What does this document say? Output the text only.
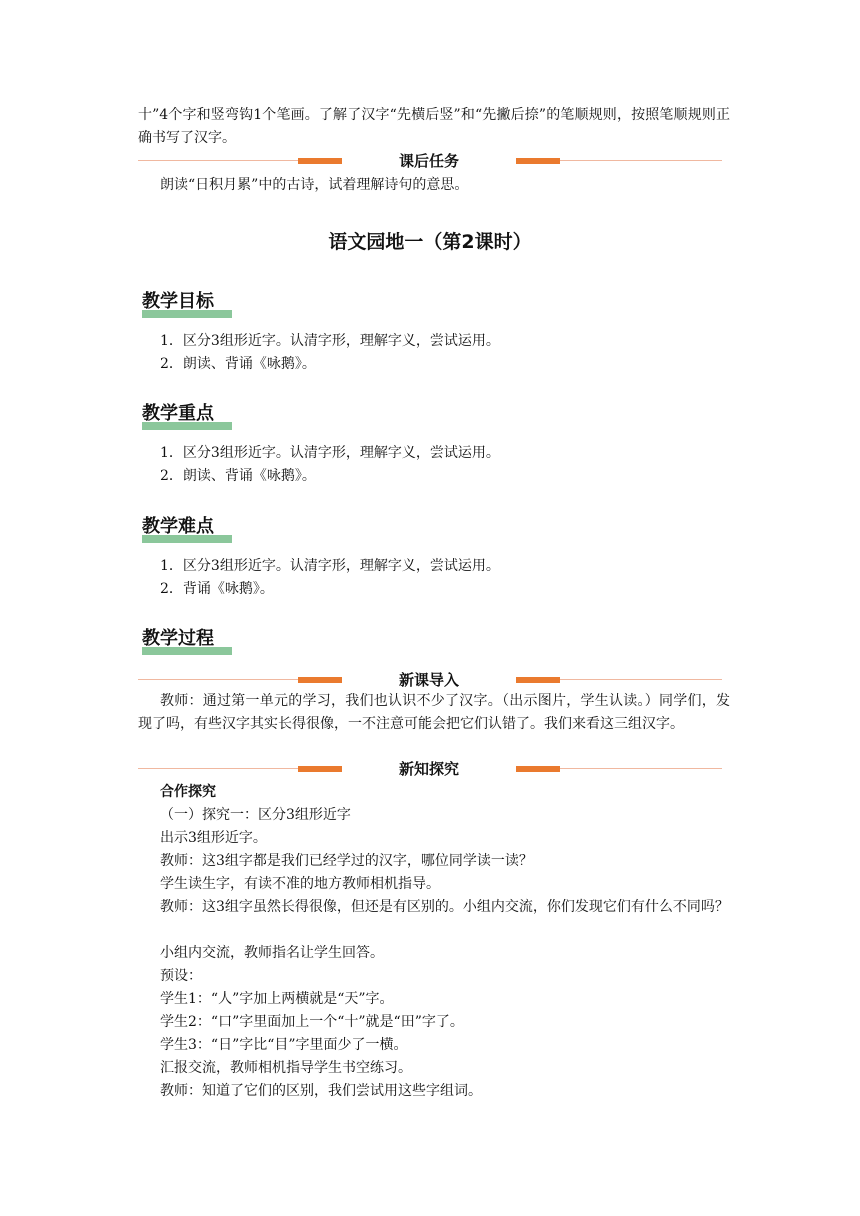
十”4个字和竖弯钩1个笔画。了解了汉字“先横后竖”和“先撇后捺”的笔顺规则，按照笔顺规则正确书写了汉字。

课后任务

朗读“日积月累”中的古诗，试着理解诗句的意思。

语文园地一（第2课时）
教学目标

1．区分3组形近字。认清字形，理解字义，尝试运用。

2．朗读、背诵《咏鹅》。

教学重点

1．区分3组形近字。认清字形，理解字义，尝试运用。

2．朗读、背诵《咏鹅》。

教学难点

1．区分3组形近字。认清字形，理解字义，尝试运用。

2．背诵《咏鹅》。

教学过程
新课导入

教师：通过第一单元的学习，我们也认识不少了汉字。（出示图片，学生认读。）同学们，发现了吗，有些汉字其实长得很像，一不注意可能会把它们认错了。我们来看这三组汉字。

新知探究

合作探究

（一）探究一：区分3组形近字

出示3组形近字。

教师：这3组字都是我们已经学过的汉字，哪位同学读一读？

学生读生字，有读不准的地方教师相机指导。

教师：这3组字虽然长得很像，但还是有区别的。小组内交流，你们发现它们有什么不同吗？

小组内交流，教师指名让学生回答。

预设：

学生1：“人”字加上两横就是“天”字。

学生2：“口”字里面加上一个“十”就是“田”字了。

学生3：“日”字比“目”字里面少了一横。

汇报交流，教师相机指导学生书空练习。

教师：知道了它们的区别，我们尝试用这些字组词。
